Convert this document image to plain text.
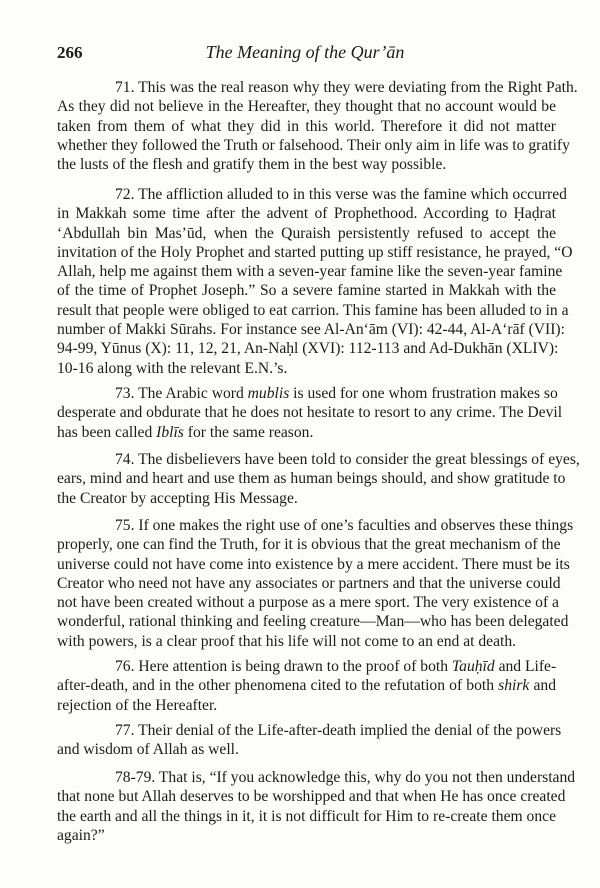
266	The Meaning of the Qur’ān
71. This was the real reason why they were deviating from the Right Path.
As they did not believe in the Hereafter, they thought that no account would be
taken from them of what they did in this world. Therefore it did not matter
whether they followed the Truth or falsehood. Their only aim in life was to gratify
the lusts of the flesh and gratify them in the best way possible.
72. The affliction alluded to in this verse was the famine which occurred
in Makkah some time after the advent of Prophethood. According to Ḥaḍrat
‘Abdullah bin Mas’ūd, when the Quraish persistently refused to accept the
invitation of the Holy Prophet and started putting up stiff resistance, he prayed, “O
Allah, help me against them with a seven-year famine like the seven-year famine
of the time of Prophet Joseph.” So a severe famine started in Makkah with the
result that people were obliged to eat carrion. This famine has been alluded to in a
number of Makki Sūrahs. For instance see Al-An‘ām (VI): 42-44, Al-A‘rāf (VII):
94-99, Yūnus (X): 11, 12, 21, An-Naḥl (XVI): 112-113 and Ad-Dukhān (XLIV):
10-16 along with the relevant E.N.’s.
73. The Arabic word mublis is used for one whom frustration makes so
desperate and obdurate that he does not hesitate to resort to any crime. The Devil
has been called Iblīs for the same reason.
74. The disbelievers have been told to consider the great blessings of eyes,
ears, mind and heart and use them as human beings should, and show gratitude to
the Creator by accepting His Message.
75. If one makes the right use of one’s faculties and observes these things
properly, one can find the Truth, for it is obvious that the great mechanism of the
universe could not have come into existence by a mere accident. There must be its
Creator who need not have any associates or partners and that the universe could
not have been created without a purpose as a mere sport. The very existence of a
wonderful, rational thinking and feeling creature—Man—who has been delegated
with powers, is a clear proof that his life will not come to an end at death.
76. Here attention is being drawn to the proof of both Tauḥīd and Life-
after-death, and in the other phenomena cited to the refutation of both shirk and
rejection of the Hereafter.
77. Their denial of the Life-after-death implied the denial of the powers
and wisdom of Allah as well.
78-79. That is, “If you acknowledge this, why do you not then understand
that none but Allah deserves to be worshipped and that when He has once created
the earth and all the things in it, it is not difficult for Him to re-create them once
again?”
